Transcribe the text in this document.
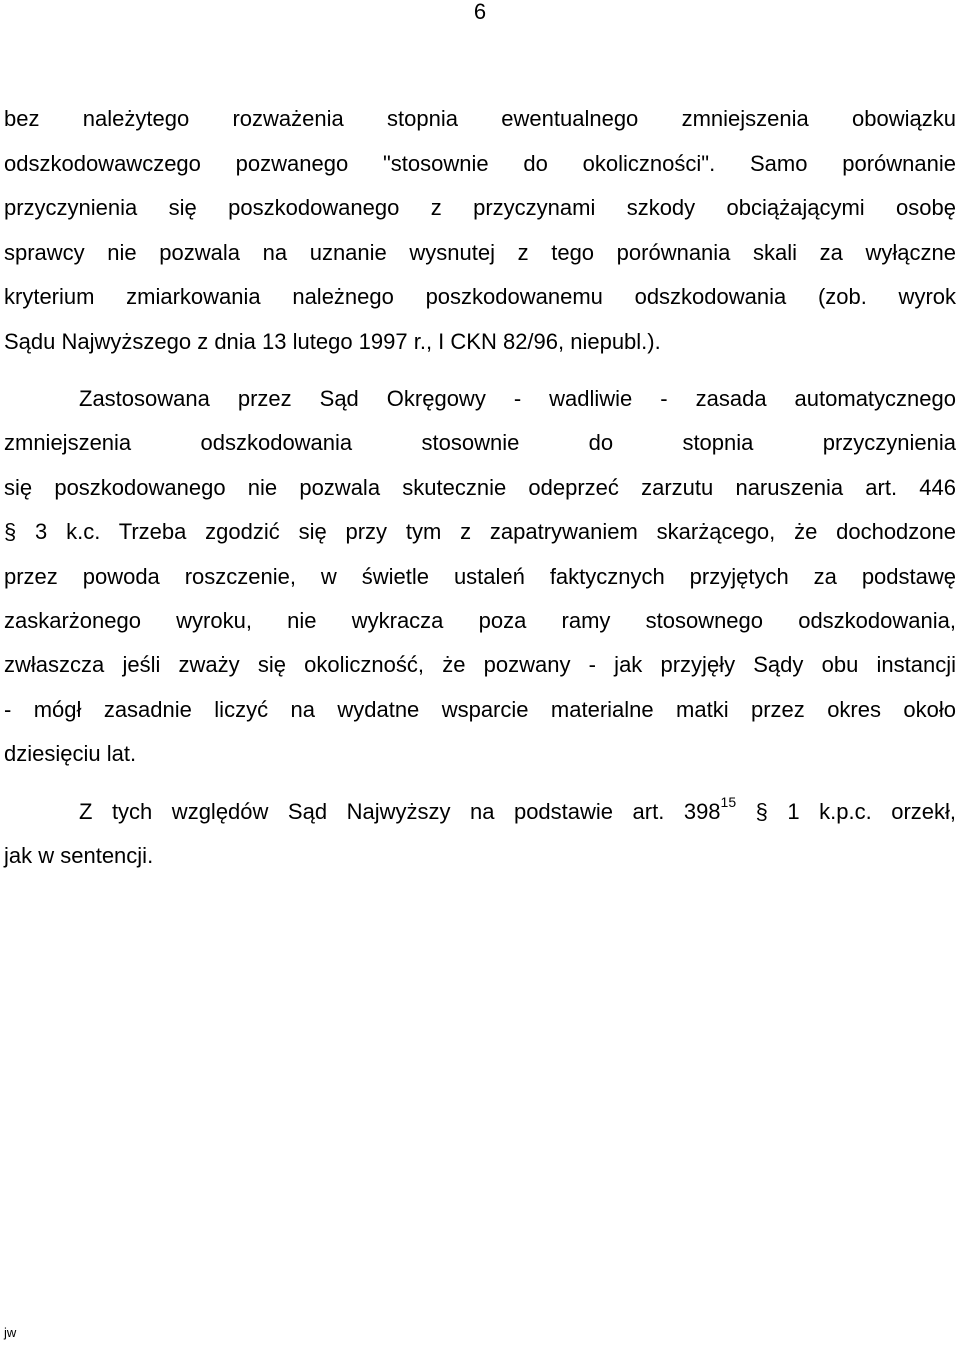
6
bez należytego rozważenia stopnia ewentualnego zmniejszenia obowiązku
odszkodowawczego pozwanego "stosownie do okoliczności". Samo porównanie
przyczynienia się poszkodowanego z przyczynami szkody obciążającymi osobę
sprawcy nie pozwala na uznanie wysnutej z tego porównania skali za wyłączne
kryterium zmiarkowania należnego poszkodowanemu odszkodowania (zob. wyrok
Sądu Najwyższego z dnia 13 lutego 1997 r., I CKN 82/96, niepubl.).
Zastosowana przez Sąd Okręgowy - wadliwie - zasada automatycznego
zmniejszenia odszkodowania stosownie do stopnia przyczynienia
się poszkodowanego nie pozwala skutecznie odeprzeć zarzutu naruszenia art. 446
§ 3 k.c. Trzeba zgodzić się przy tym z zapatrywaniem skarżącego, że dochodzone
przez powoda roszczenie, w świetle ustaleń faktycznych przyjętych za podstawę
zaskarżonego wyroku, nie wykracza poza ramy stosownego odszkodowania,
zwłaszcza jeśli zważy się okoliczność, że pozwany - jak przyjęły Sądy obu instancji
- mógł zasadnie liczyć na wydatne wsparcie materialne matki przez okres około
dziesięciu lat.
Z tych względów Sąd Najwyższy na podstawie art. $398^{15}$ § 1 k.p.c. orzekł,
jak w sentencji.
jw
